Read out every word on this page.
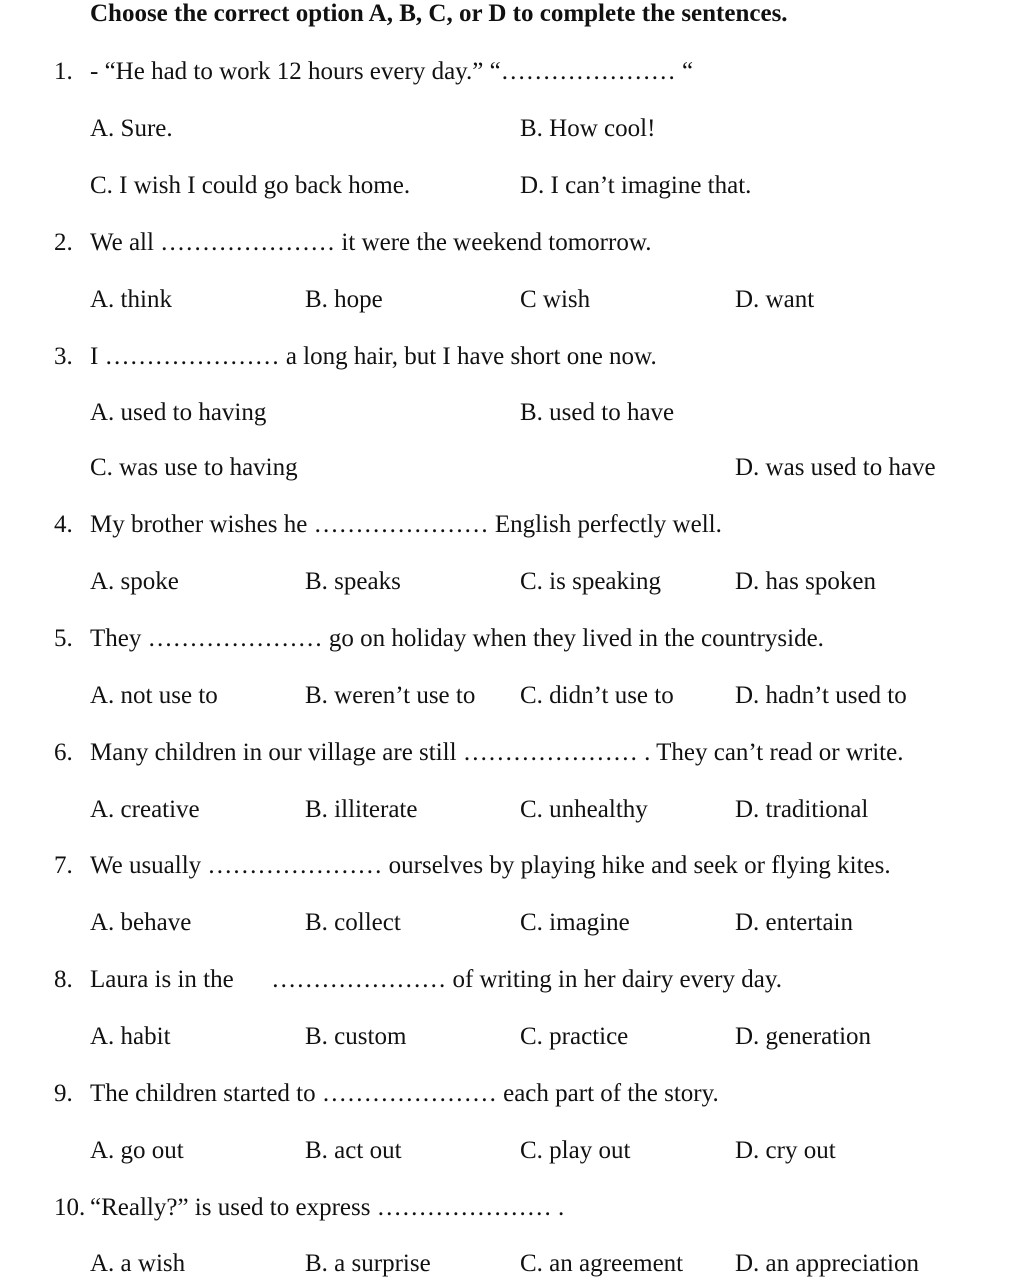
Choose the correct option A, B, C, or D to complete the sentences.
1. - “He had to work 12 hours every day.” “………………… “
A. Sure.	B. How cool!
C. I wish I could go back home.	D. I can’t imagine that.
2. We all ………………… it were the weekend tomorrow.
A. think	B. hope	C wish	D. want
3. I ………………… a long hair, but I have short one now.
A. used to having	B. used to have
C. was use to having	D. was used to have
4. My brother wishes he ………………… English perfectly well.
A. spoke	B. speaks	C. is speaking	D. has spoken
5. They ………………… go on holiday when they lived in the countryside.
A. not use to	B. weren’t use to C. didn’t use to D. hadn’t used to
6. Many children in our village are still ………………… . They can’t read or write.
A. creative	B. illiterate	C. unhealthy	D. traditional
7. We usually ………………… ourselves by playing hike and seek or flying kites.
A. behave	B. collect	C. imagine	D. entertain
8. Laura is in the      ………………… of writing in her dairy every day.
A. habit	B. custom	C. practice	D. generation
9. The children started to ………………… each part of the story.
A. go out	B. act out	C. play out	D. cry out
10. “Really?” is used to express ………………… .
A. a wish	B. a surprise	C. an agreement D. an appreciation
